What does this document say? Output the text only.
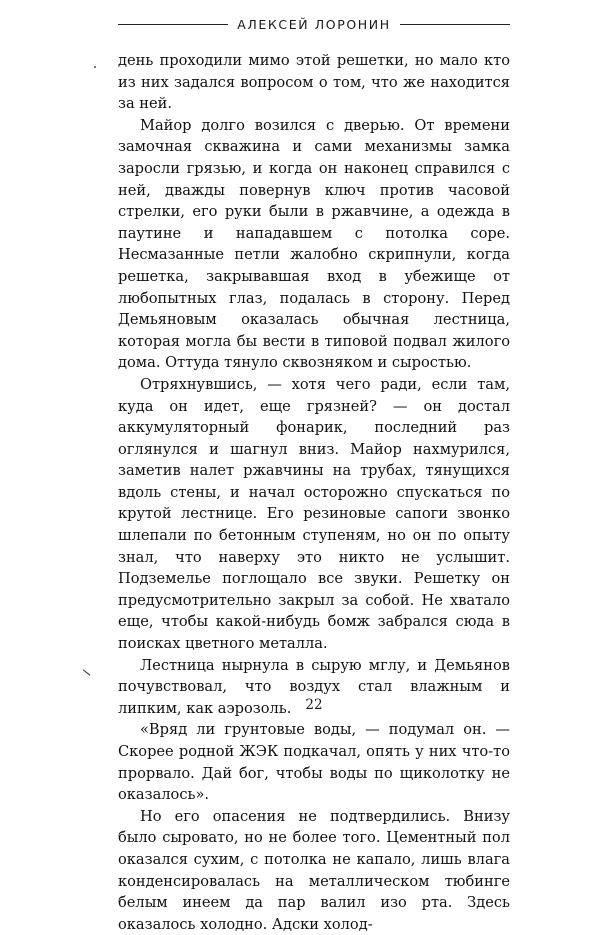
АЛЕКСЕЙ ЛОРОНИН

день проходили мимо этой решетки, но мало кто из них задался вопросом о том, что же находится за ней.

Майор долго возился с дверью. От времени замочная скважина и сами механизмы замка заросли грязью, и когда он наконец справился с ней, дважды повернув ключ против часовой стрелки, его руки были в ржавчине, а одежда в паутине и нападавшем с потолка соре. Несмазанные петли жалобно скрипнули, когда решетка, закрывавшая вход в убежище от любопытных глаз, подалась в сторону. Перед Демьяновым оказалась обычная лестница, которая могла бы вести в типовой подвал жилого дома. Оттуда тянуло сквозняком и сыростью.

Отряхнувшись, — хотя чего ради, если там, куда он идет, еще грязней? — он достал аккумуляторный фонарик, последний раз оглянулся и шагнул вниз. Майор нахмурился, заметив налет ржавчины на трубах, тянущихся вдоль стены, и начал осторожно спускаться по крутой лестнице. Его резиновые сапоги звонко шлепали по бетонным ступеням, но он по опыту знал, что наверху это никто не услышит. Подземелье поглощало все звуки. Решетку он предусмотрительно закрыл за собой. Не хватало еще, чтобы какой-нибудь бомж забрался сюда в поисках цветного металла.

Лестница нырнула в сырую мглу, и Демьянов почувствовал, что воздух стал влажным и липким, как аэрозоль.

«Вряд ли грунтовые воды, — подумал он. — Скорее родной ЖЭК подкачал, опять у них что-то прорвало. Дай бог, чтобы воды по щиколотку не оказалось».

Но его опасения не подтвердились. Внизу было сыровато, но не более того. Цементный пол оказался сухим, с потолка не капало, лишь влага конденсировалась на металлическом тюбинге белым инеем да пар валил изо рта. Здесь оказалось холодно. Адски холод-

22
